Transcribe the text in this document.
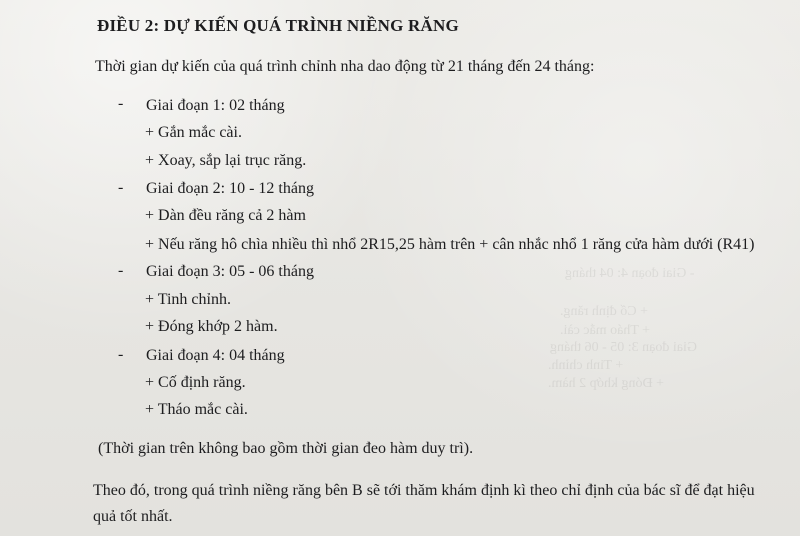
- Giai đoạn 4: 04 tháng
+ Cố định răng.
+ Tháo mắc cài.
Giai đoạn 3: 05 - 06 tháng
+ Tinh chỉnh.
+ Đóng khớp 2 hàm.
ĐIỀU 2: DỰ KIẾN QUÁ TRÌNH NIỀNG RĂNG
Thời gian dự kiến của quá trình chỉnh nha dao động từ 21 tháng đến 24 tháng:
- Giai đoạn 1: 02 tháng
+ Gắn mắc cài.
+ Xoay, sắp lại trục răng.
- Giai đoạn 2: 10 - 12 tháng
+ Dàn đều răng cả 2 hàm
+ Nếu răng hô chìa nhiều thì nhổ 2R15,25 hàm trên + cân nhắc nhổ 1 răng cửa hàm dưới (R41)
- Giai đoạn 3: 05 - 06 tháng
+ Tinh chỉnh.
+ Đóng khớp 2 hàm.
- Giai đoạn 4: 04 tháng
+ Cố định răng.
+ Tháo mắc cài.
(Thời gian trên không bao gồm thời gian đeo hàm duy trì).
Theo đó, trong quá trình niềng răng bên B sẽ tới thăm khám định kì theo chỉ định của bác sĩ để đạt hiệu
quả tốt nhất.
